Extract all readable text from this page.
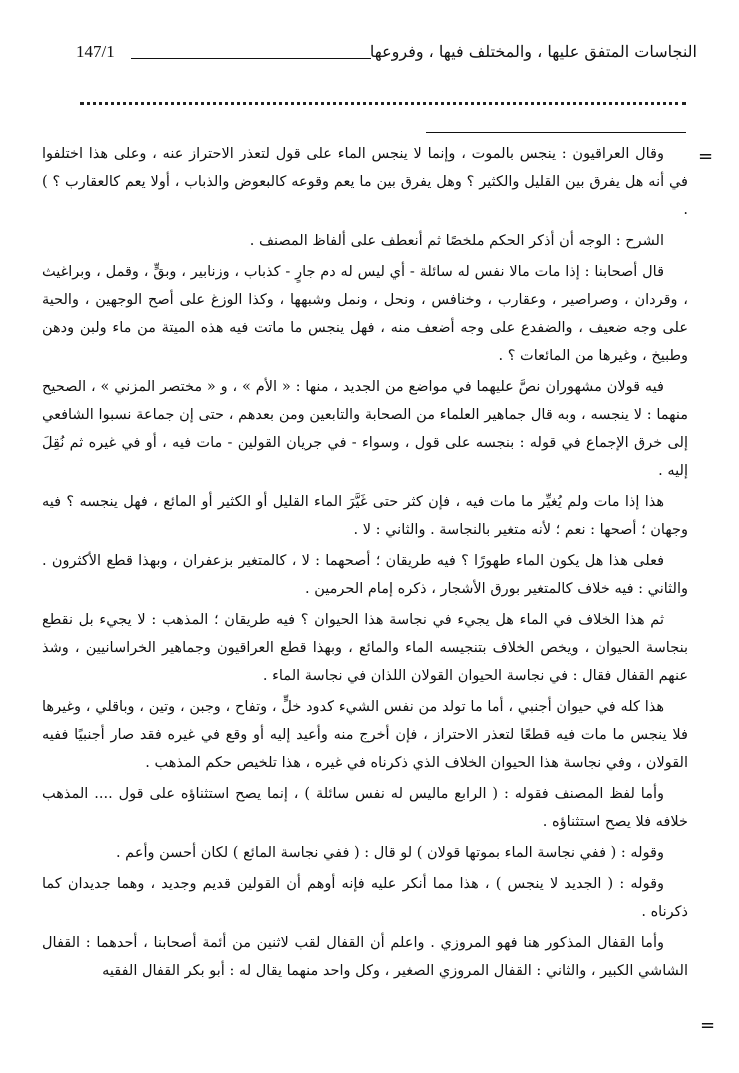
النجاسات المتفق عليها ، والمختلف فيها ، وفروعها
147/1
=

وقال العراقيون : ينجس بالموت ، وإنما لا ينجس الماء على قول لتعذر الاحتراز عنه ، وعلى هذا اختلفوا في أنه هل يفرق بين القليل والكثير ؟ وهل يفرق بين ما يعم وقوعه كالبعوض والذباب ، أولا يعم كالعقارب ؟ ) .

الشرح : الوجه أن أذكر الحكم ملخصًا ثم أنعطف على ألفاظ المصنف .

قال أصحابنا : إذا مات مالا نفس له سائلة - أي ليس له دم جارٍ - كذباب ، وزنابير ، وبقٍّ ، وقمل ، وبراغيث ، وقردان ، وصراصير ، وعقارب ، وخنافس ، ونحل ، ونمل وشبهها ، وكذا الوزغ على أصح الوجهين ، والحية على وجه ضعيف ، والضفدع على وجه أضعف منه ، فهل ينجس ما ماتت فيه هذه الميتة من ماء ولبن ودهن وطبيخ ، وغيرها من المائعات ؟ .

فيه قولان مشهوران نصَّ عليهما في مواضع من الجديد ، منها : « الأم » ، و « مختصر المزني » ، الصحيح منهما : لا ينجسه ، وبه قال جماهير العلماء من الصحابة والتابعين ومن بعدهم ، حتى إن جماعة نسبوا الشافعي إلى خرق الإجماع في قوله : بنجسه على قول ، وسواء - في جريان القولين - مات فيه ، أو في غيره ثم نُقِلَ إليه .

هذا إذا مات ولم يُغيِّر ما مات فيه ، فإن كثر حتى غَيَّرَ الماء القليل أو الكثير أو المائع ، فهل ينجسه ؟ فيه وجهان ؛ أصحها : نعم ؛ لأنه متغير بالنجاسة . والثاني : لا .

فعلى هذا هل يكون الماء طهورًا ؟ فيه طريقان ؛ أصحهما : لا ، كالمتغير بزعفران ، وبهذا قطع الأكثرون . والثاني : فيه خلاف كالمتغير بورق الأشجار ، ذكره إمام الحرمين .

ثم هذا الخلاف في الماء هل يجيء في نجاسة هذا الحيوان ؟ فيه طريقان ؛ المذهب : لا يجيء بل نقطع بنجاسة الحيوان ، ويخص الخلاف بتنجيسه الماء والمائع ، وبهذا قطع العراقيون وجماهير الخراسانيين ، وشذ عنهم القفال فقال : في نجاسة الحيوان القولان اللذان في نجاسة الماء .

هذا كله في حيوان أجنبي ، أما ما تولد من نفس الشيء كدود خلٍّ ، وتفاح ، وجبن ، وتين ، وباقلي ، وغيرها فلا ينجس ما مات فيه قطعًا لتعذر الاحتراز ، فإن أخرج منه وأعيد إليه أو وقع في غيره فقد صار أجنبيًا ففيه القولان ، وفي نجاسة هذا الحيوان الخلاف الذي ذكرناه في غيره ، هذا تلخيص حكم المذهب .

وأما لفظ المصنف فقوله : ( الرابع ماليس له نفس سائلة ) ، إنما يصح استثناؤه على قول .... المذهب خلافه فلا يصح استثناؤه .

وقوله : ( ففي نجاسة الماء بموتها قولان ) لو قال : ( ففي نجاسة المائع ) لكان أحسن وأعم .

وقوله : ( الجديد لا ينجس ) ، هذا مما أنكر عليه فإنه أوهم أن القولين قديم وجديد ، وهما جديدان كما ذكرناه .

وأما القفال المذكور هنا فهو المروزي . واعلم أن القفال لقب لاثنين من أئمة أصحابنا ، أحدهما : القفال الشاشي الكبير ، والثاني : القفال المروزي الصغير ، وكل واحد منهما يقال له : أبو بكر القفال الفقيه

=
